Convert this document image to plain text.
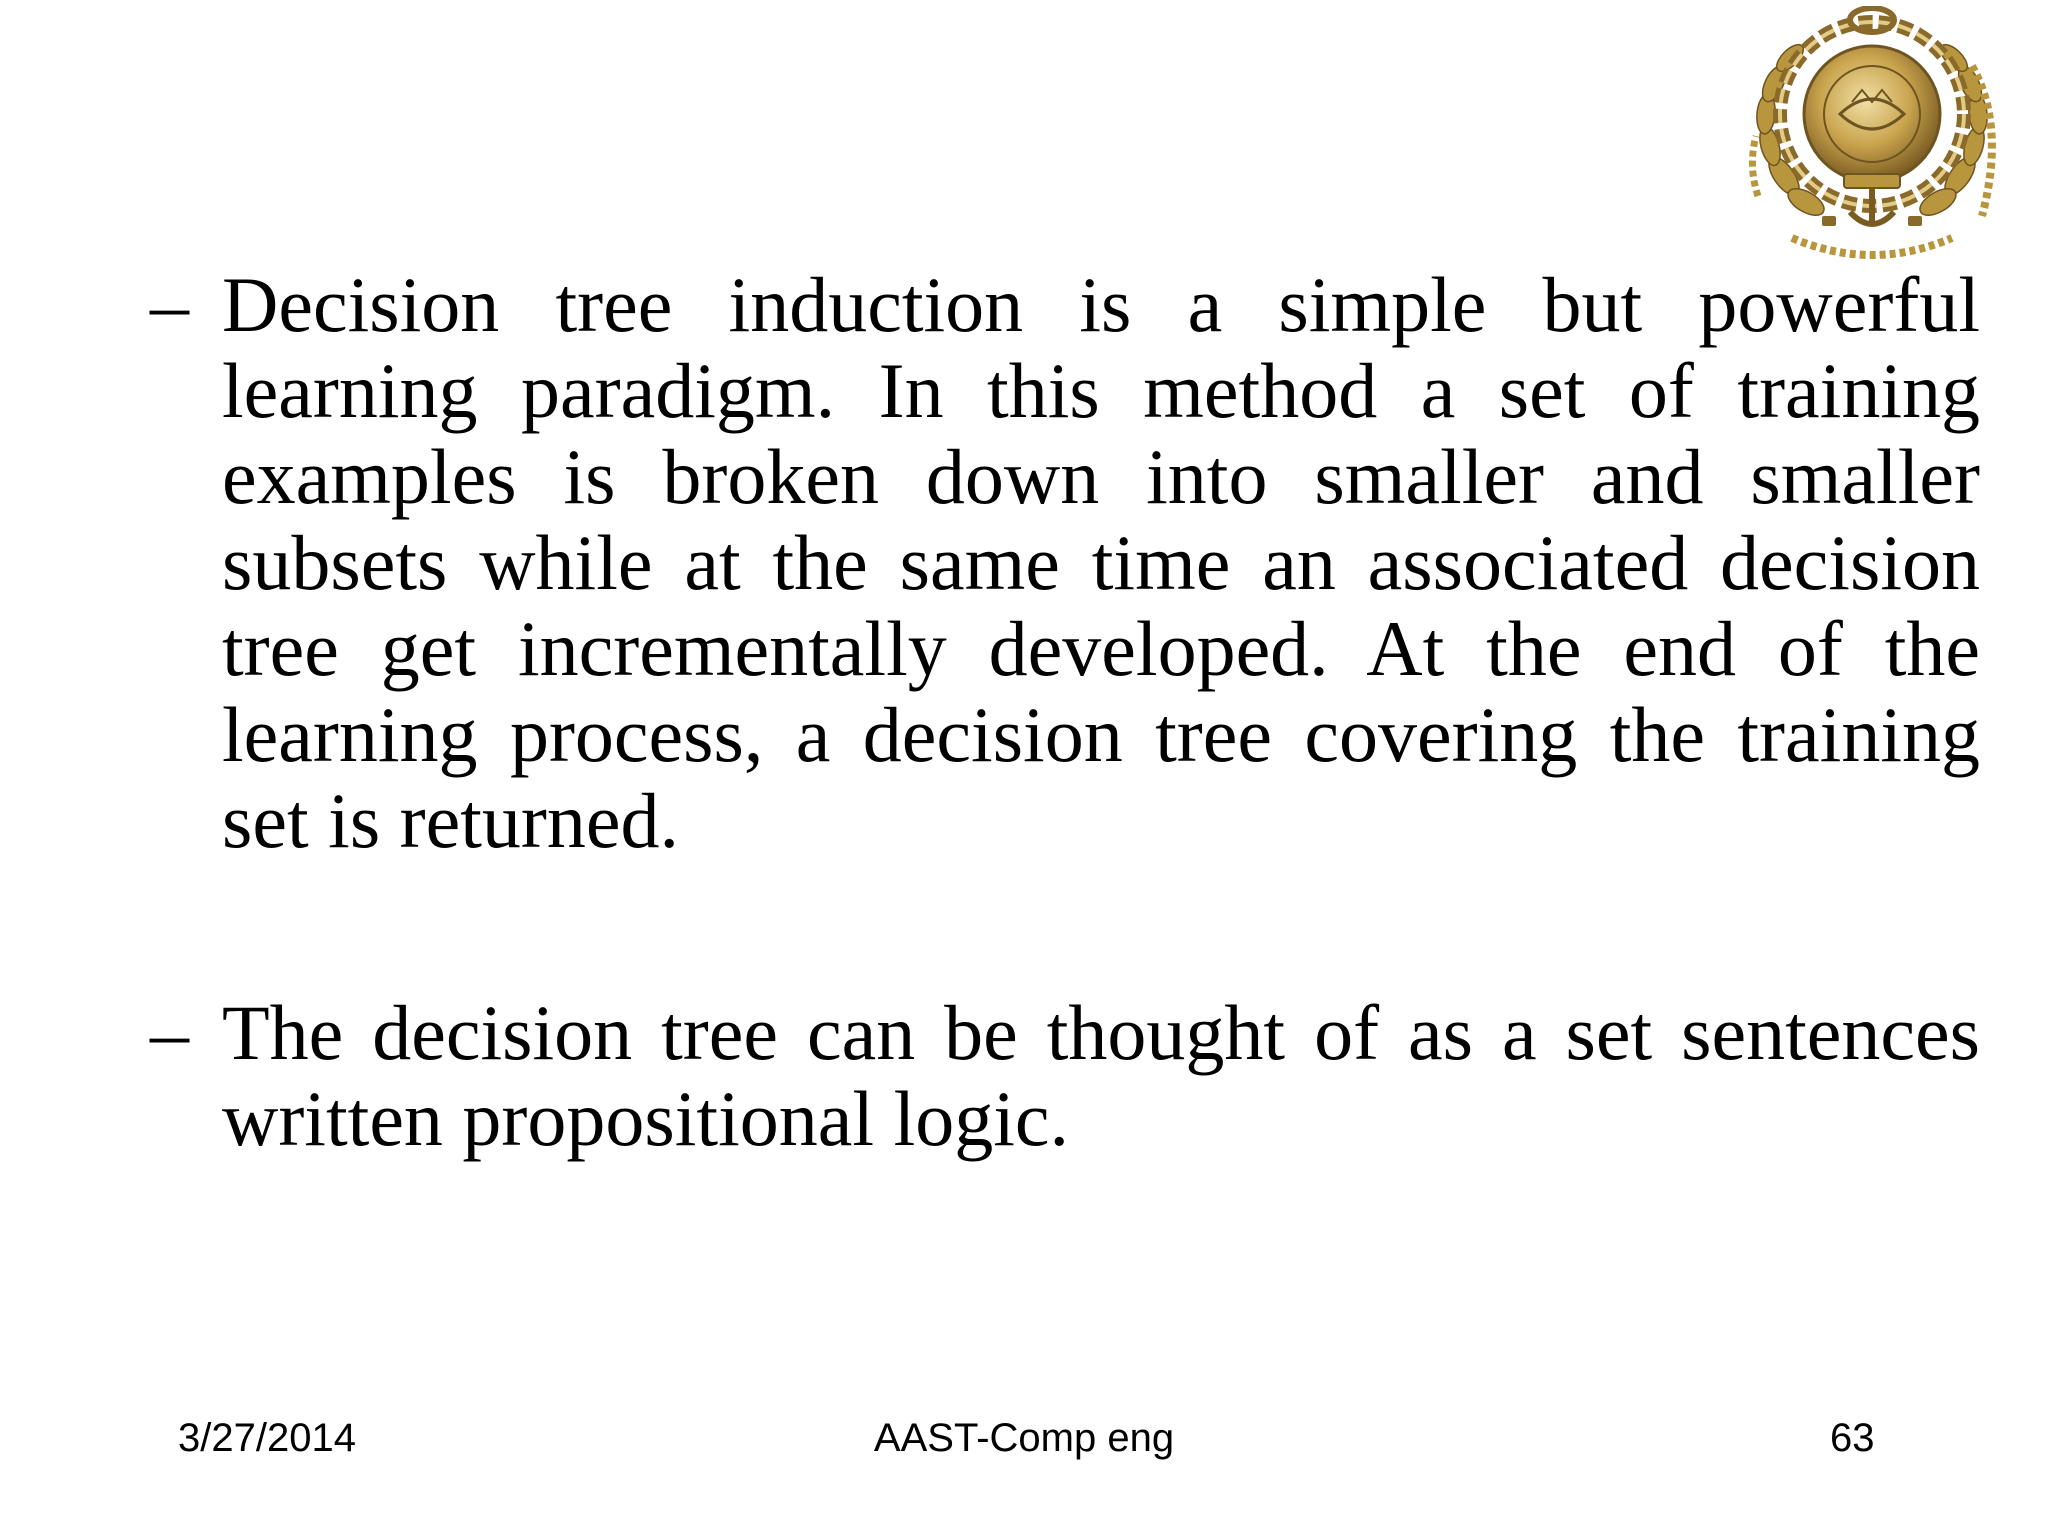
– Decision tree induction is a simple but powerful learning paradigm. In this method a set of training examples is broken down into smaller and smaller subsets while at the same time an associated decision tree get incrementally developed. At the end of the learning process, a decision tree covering the training set is returned.
– The decision tree can be thought of as a set sentences written propositional logic.
3/27/2014	AAST-Comp eng	63
